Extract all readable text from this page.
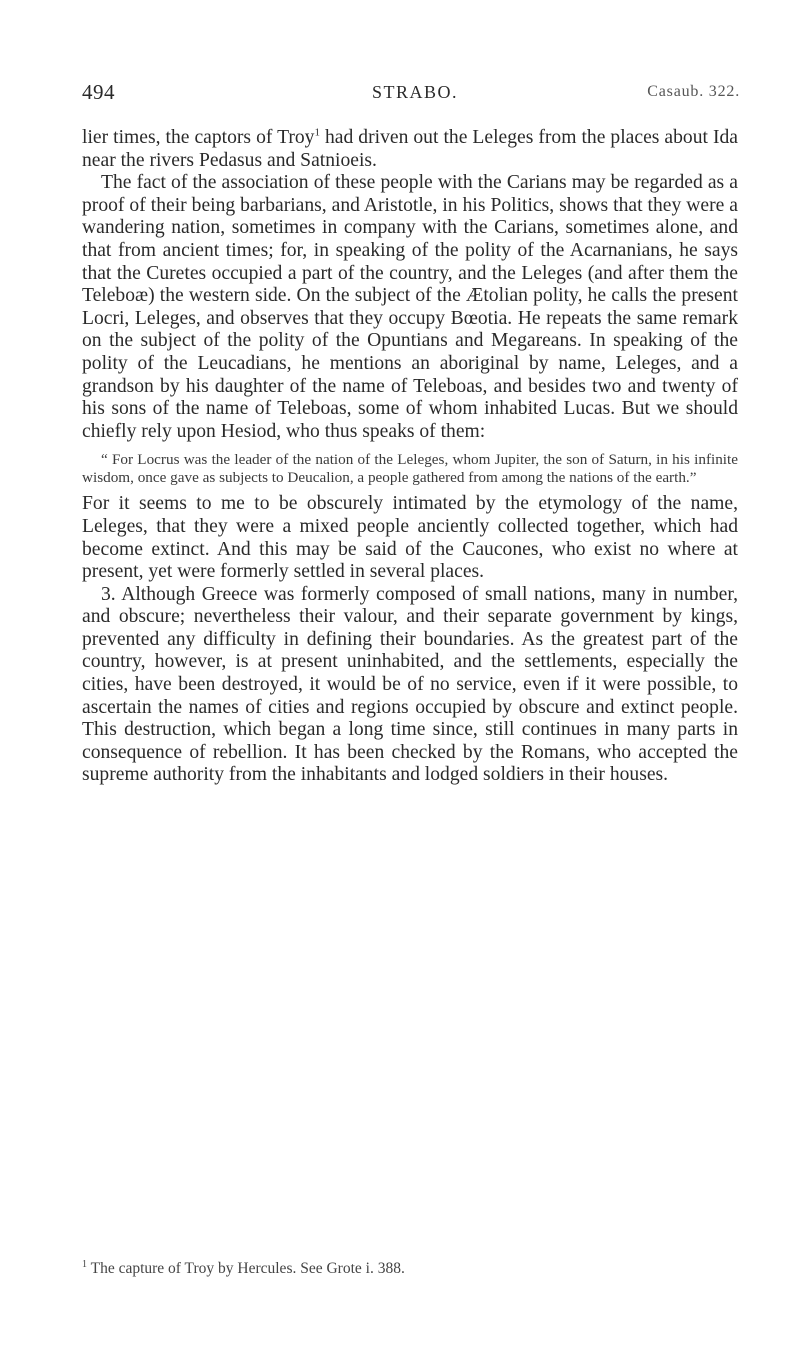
494	STRABO.	Casaub. 322.

lier times, the captors of Troy$^1$ had driven out the Leleges from the places about Ida near the rivers Pedasus and Satnioeis.

The fact of the association of these people with the Carians may be regarded as a proof of their being barbarians, and Aristotle, in his Politics, shows that they were a wandering nation, sometimes in company with the Carians, sometimes alone, and that from ancient times; for, in speaking of the polity of the Acarnanians, he says that the Curetes occupied a part of the country, and the Leleges (and after them the Teleboæ) the western side. On the subject of the Ætolian polity, he calls the present Locri, Leleges, and observes that they occupy Bœotia. He repeats the same remark on the subject of the polity of the Opuntians and Megareans. In speaking of the polity of the Leucadians, he mentions an aboriginal by name, Leleges, and a grandson by his daughter of the name of Teleboas, and besides two and twenty of his sons of the name of Teleboas, some of whom inhabited Lucas. But we should chiefly rely upon Hesiod, who thus speaks of them:

“ For Locrus was the leader of the nation of the Leleges, whom Jupiter, the son of Saturn, in his infinite wisdom, once gave as subjects to Deucalion, a people gathered from among the nations of the earth.”

For it seems to me to be obscurely intimated by the etymology of the name, Leleges, that they were a mixed people anciently collected together, which had become extinct. And this may be said of the Caucones, who exist no where at present, yet were formerly settled in several places.

3. Although Greece was formerly composed of small nations, many in number, and obscure; nevertheless their valour, and their separate government by kings, prevented any difficulty in defining their boundaries. As the greatest part of the country, however, is at present uninhabited, and the settlements, especially the cities, have been destroyed, it would be of no service, even if it were possible, to ascertain the names of cities and regions occupied by obscure and extinct people. This destruction, which began a long time since, still continues in many parts in consequence of rebellion. It has been checked by the Romans, who accepted the supreme authority from the inhabitants and lodged soldiers in their houses.

$^1$ The capture of Troy by Hercules. See Grote i. 388.
